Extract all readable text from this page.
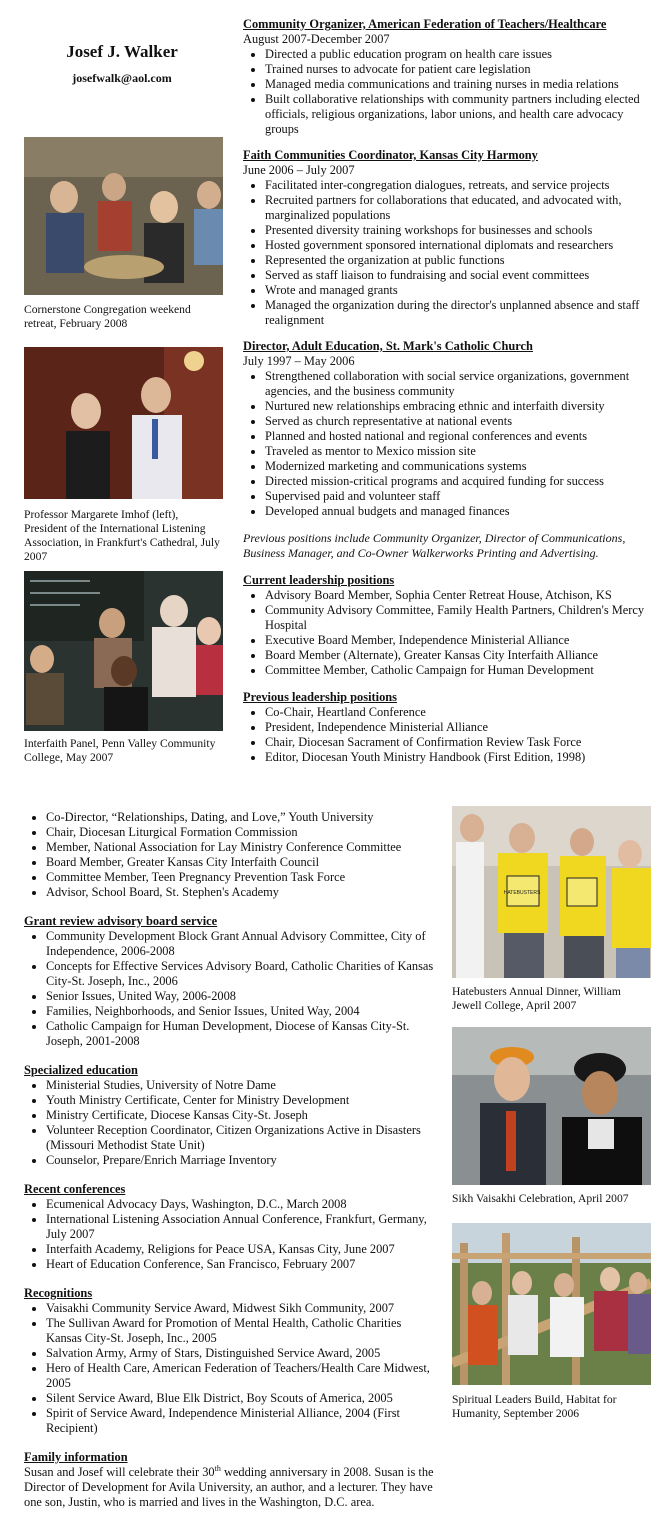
Josef J. Walker
josefwalk@aol.com
Cornerstone Congregation weekend retreat, February 2008
Professor Margarete Imhof (left), President of the International Listening Association, in Frankfurt's Cathedral, July 2007
Interfaith Panel, Penn Valley Community College, May 2007

Community Organizer, American Federation of Teachers/Healthcare

August 2007-December 2007
• Directed a public education program on health care issues
• Trained nurses to advocate for patient care legislation
• Managed media communications and training nurses in media relations
• Built collaborative relationships with community partners including elected officials, religious organizations, labor unions, and health care advocacy groups

Faith Communities Coordinator, Kansas City Harmony

June 2006 – July 2007
• Facilitated inter-congregation dialogues, retreats, and service projects
• Recruited partners for collaborations that educated, and advocated with, marginalized populations
• Presented diversity training workshops for businesses and schools
• Hosted government sponsored international diplomats and researchers
• Represented the organization at public functions
• Served as staff liaison to fundraising and social event committees
• Wrote and managed grants
• Managed the organization during the director's unplanned absence and staff realignment

Director, Adult Education, St. Mark's Catholic Church

July 1997 – May 2006
• Strengthened collaboration with social service organizations, government agencies, and the business community
• Nurtured new relationships embracing ethnic and interfaith diversity
• Served as church representative at national events
• Planned and hosted national and regional conferences and events
• Traveled as mentor to Mexico mission site
• Modernized marketing and communications systems
• Directed mission-critical programs and acquired funding for success
• Supervised paid and volunteer staff
• Developed annual budgets and managed finances
Previous positions include Community Organizer, Director of Communications, Business Manager, and Co-Owner Walkerworks Printing and Advertising.

Current leadership positions

• Advisory Board Member, Sophia Center Retreat House, Atchison, KS
• Community Advisory Committee, Family Health Partners, Children's Mercy Hospital
• Executive Board Member, Independence Ministerial Alliance
• Board Member (Alternate), Greater Kansas City Interfaith Alliance
• Committee Member, Catholic Campaign for Human Development

Previous leadership positions

• Co-Chair, Heartland Conference
• President, Independence Ministerial Alliance
• Chair, Diocesan Sacrament of Confirmation Review Task Force
• Editor, Diocesan Youth Ministry Handbook (First Edition, 1998)
• Co-Director, “Relationships, Dating, and Love,” Youth University
• Chair, Diocesan Liturgical Formation Commission
• Member, National Association for Lay Ministry Conference Committee
• Board Member, Greater Kansas City Interfaith Council
• Committee Member, Teen Pregnancy Prevention Task Force
• Advisor, School Board, St. Stephen's Academy

Grant review advisory board service

• Community Development Block Grant Annual Advisory Committee, City of Independence, 2006-2008
• Concepts for Effective Services Advisory Board, Catholic Charities of Kansas City-St. Joseph, Inc., 2006
• Senior Issues, United Way, 2006-2008
• Families, Neighborhoods, and Senior Issues, United Way, 2004
• Catholic Campaign for Human Development, Diocese of Kansas City-St. Joseph, 2001-2008

Specialized education

• Ministerial Studies, University of Notre Dame
• Youth Ministry Certificate, Center for Ministry Development
• Ministry Certificate, Diocese Kansas City-St. Joseph
• Volunteer Reception Coordinator, Citizen Organizations Active in Disasters (Missouri Methodist State Unit)
• Counselor, Prepare/Enrich Marriage Inventory

Recent conferences

• Ecumenical Advocacy Days, Washington, D.C., March 2008
• International Listening Association Annual Conference, Frankfurt, Germany, July 2007
• Interfaith Academy, Religions for Peace USA, Kansas City, June 2007
• Heart of Education Conference, San Francisco, February 2007

Recognitions

• Vaisakhi Community Service Award, Midwest Sikh Community, 2007
• The Sullivan Award for Promotion of Mental Health, Catholic Charities Kansas City-St. Joseph, Inc., 2005
• Salvation Army, Army of Stars, Distinguished Service Award, 2005
• Hero of Health Care, American Federation of Teachers/Health Care Midwest, 2005
• Silent Service Award, Blue Elk District, Boy Scouts of America, 2005
• Spirit of Service Award, Independence Ministerial Alliance, 2004 (First Recipient)

Family information

Susan and Josef will celebrate their 30th wedding anniversary in 2008. Susan is the Director of Development for Avila University, an author, and a lecturer. They have one son, Justin, who is married and lives in the Washington, D.C. area.
HATEBUSTERS
Hatebusters Annual Dinner, William Jewell College, April 2007
Sikh Vaisakhi Celebration, April 2007
Spiritual Leaders Build, Habitat for Humanity, September 2006
